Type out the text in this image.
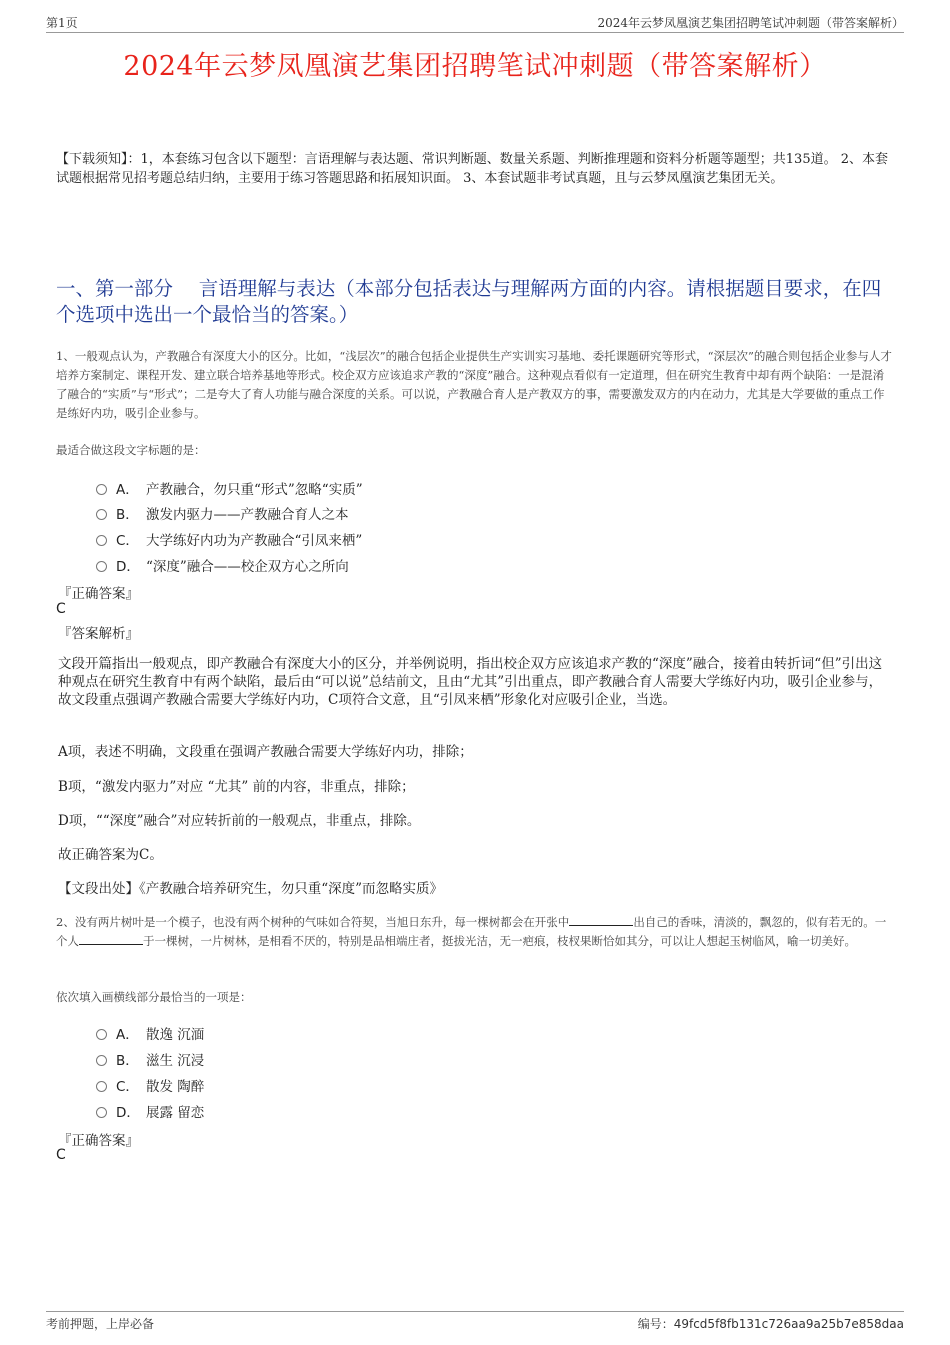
第1页	2024年云梦凤凰演艺集团招聘笔试冲刺题（带答案解析）
2024年云梦凤凰演艺集团招聘笔试冲刺题（带答案解析）
【下载须知】：1，本套练习包含以下题型：言语理解与表达题、常识判断题、数量关系题、判断推理题和资料分析题等题型；共135道。 2、本套试题根据常见招考题总结归纳，主要用于练习答题思路和拓展知识面。 3、本套试题非考试真题，且与云梦凤凰演艺集团无关。
一、第一部分　 言语理解与表达（本部分包括表达与理解两方面的内容。请根据题目要求，在四个选项中选出一个最恰当的答案。）
1、一般观点认为，产教融合有深度大小的区分。比如，“浅层次”的融合包括企业提供生产实训实习基地、委托课题研究等形式，“深层次”的融合则包括企业参与人才培养方案制定、课程开发、建立联合培养基地等形式。校企双方应该追求产教的“深度”融合。这种观点看似有一定道理，但在研究生教育中却有两个缺陷：一是混淆了融合的“实质”与“形式”；二是夸大了育人功能与融合深度的关系。可以说，产教融合育人是产教双方的事，需要激发双方的内在动力，尤其是大学要做的重点工作是练好内功，吸引企业参与。
最适合做这段文字标题的是：
A． 产教融合，勿只重“形式”忽略“实质”
B． 激发内驱力——产教融合育人之本
C． 大学练好内功为产教融合“引凤来栖”
D． “深度”融合——校企双方心之所向
『正确答案』
C
『答案解析』
文段开篇指出一般观点，即产教融合有深度大小的区分，并举例说明，指出校企双方应该追求产教的“深度”融合，接着由转折词“但”引出这种观点在研究生教育中有两个缺陷，最后由“可以说”总结前文，且由“尤其”引出重点，即产教融合育人需要大学练好内功，吸引企业参与，故文段重点强调产教融合需要大学练好内功，C项符合文意，且“引凤来栖”形象化对应吸引企业，当选。
A项，表述不明确，文段重在强调产教融合需要大学练好内功，排除；
B项，“激发内驱力”对应 “尤其” 前的内容，非重点，排除；
D项，““深度”融合”对应转折前的一般观点，非重点，排除。
故正确答案为C。
【文段出处】《产教融合培养研究生，勿只重“深度”而忽略实质》
2、没有两片树叶是一个模子，也没有两个树种的气味如合符契，当旭日东升，每一棵树都会在开张中	出自己的香味，清淡的，飘忽的，似有若无的。一个人	于一棵树，一片树林，是相看不厌的，特别是品相端庄者，挺拔光洁，无一疤痕，枝杈果断恰如其分，可以让人想起玉树临风，喻一切美好。
依次填入画横线部分最恰当的一项是：
A． 散逸 沉湎
B． 滋生 沉浸
C． 散发 陶醉
D． 展露 留恋
『正确答案』
C
考前押题，上岸必备	编号：49fcd5f8fb131c726aa9a25b7e858daa
